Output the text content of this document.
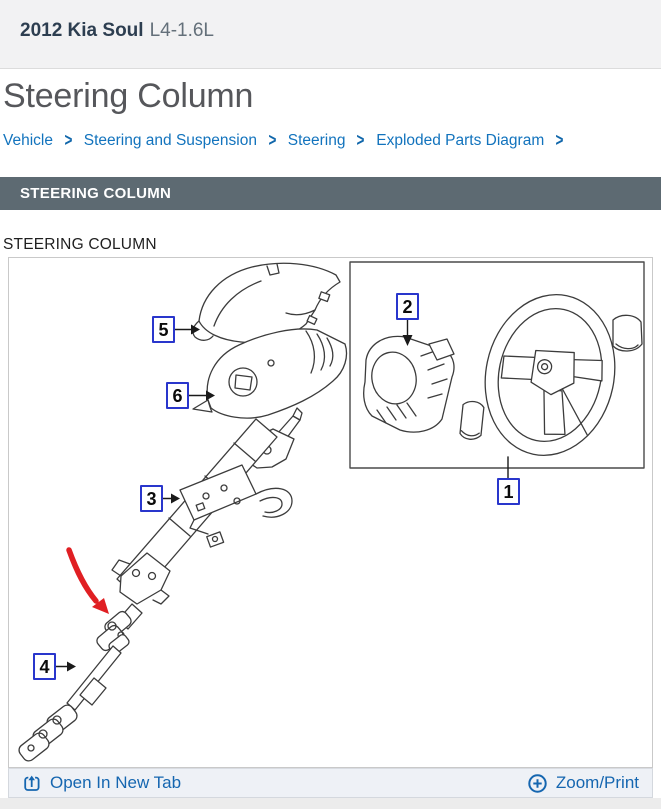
2012 Kia Soul L4-1.6L
Steering Column
Vehicle > Steering and Suspension > Steering > Exploded Parts Diagram >
STEERING COLUMN
STEERING COLUMN
1
2
3
4
5
6
Open In New Tab	Zoom/Print
